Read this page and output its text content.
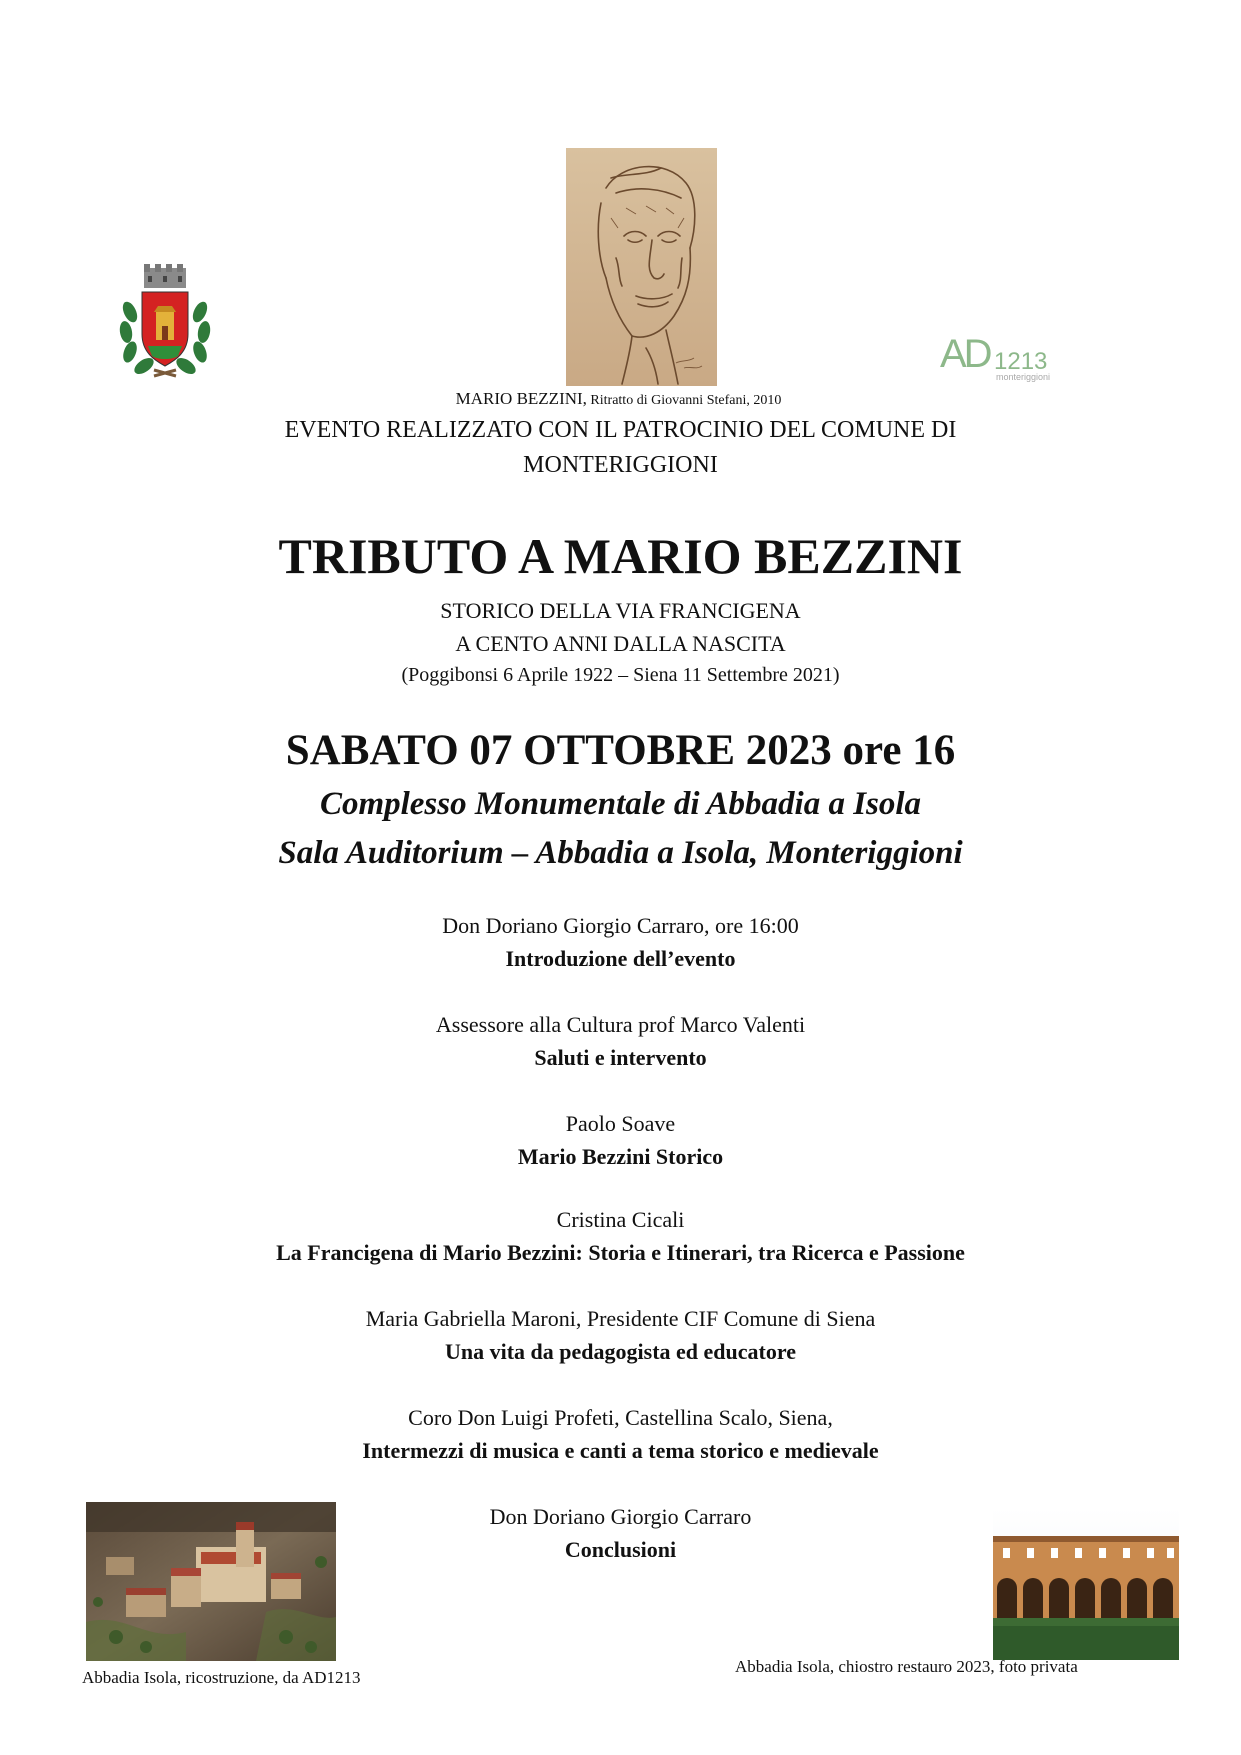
AD 1213
monteriggioni
MARIO BEZZINI, Ritratto di Giovanni Stefani, 2010
EVENTO REALIZZATO CON IL PATROCINIO DEL COMUNE DI
MONTERIGGIONI
TRIBUTO A MARIO BEZZINI
STORICO DELLA VIA FRANCIGENA
A CENTO ANNI DALLA NASCITA
(Poggibonsi 6 Aprile 1922 – Siena 11 Settembre 2021)
SABATO 07 OTTOBRE 2023 ore 16
Complesso Monumentale di Abbadia a Isola
Sala Auditorium – Abbadia a Isola, Monteriggioni
Don Doriano Giorgio Carraro, ore 16:00
Introduzione dell’evento
Assessore alla Cultura prof Marco Valenti
Saluti e intervento
Paolo Soave
Mario Bezzini Storico
Cristina Cicali
La Francigena di Mario Bezzini: Storia e Itinerari, tra Ricerca e Passione
Maria Gabriella Maroni, Presidente CIF Comune di Siena
Una vita da pedagogista ed educatore
Coro Don Luigi Profeti, Castellina Scalo, Siena,
Intermezzi di musica e canti a tema storico e medievale
Don Doriano Giorgio Carraro
Conclusioni
Abbadia Isola, ricostruzione, da AD1213
Abbadia Isola, chiostro restauro 2023, foto privata
